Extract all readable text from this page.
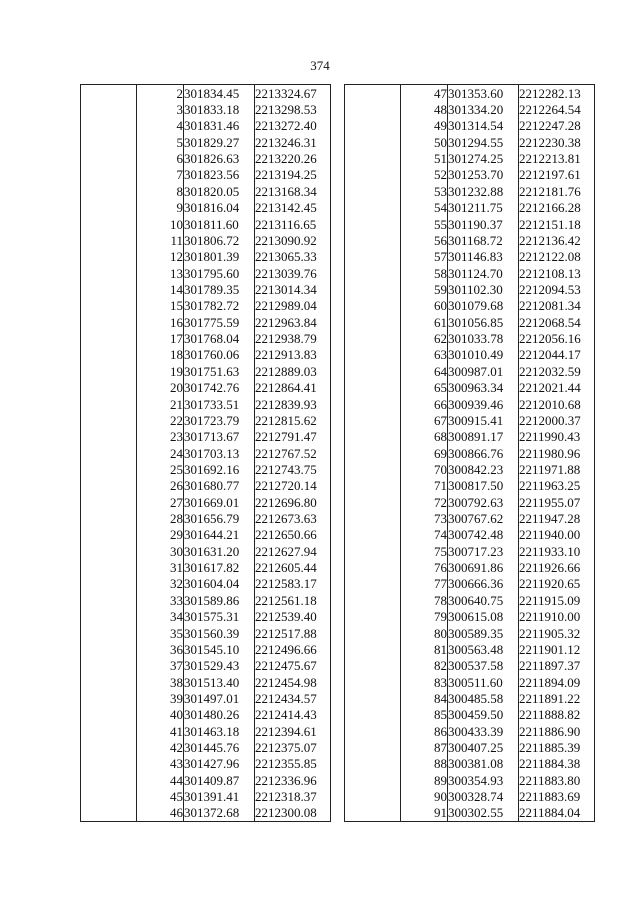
374
	2	301834.45	2213324.67
	3	301833.18	2213298.53
	4	301831.46	2213272.40
	5	301829.27	2213246.31
	6	301826.63	2213220.26
	7	301823.56	2213194.25
	8	301820.05	2213168.34
	9	301816.04	2213142.45
	10	301811.60	2213116.65
	11	301806.72	2213090.92
	12	301801.39	2213065.33
	13	301795.60	2213039.76
	14	301789.35	2213014.34
	15	301782.72	2212989.04
	16	301775.59	2212963.84
	17	301768.04	2212938.79
	18	301760.06	2212913.83
	19	301751.63	2212889.03
	20	301742.76	2212864.41
	21	301733.51	2212839.93
	22	301723.79	2212815.62
	23	301713.67	2212791.47
	24	301703.13	2212767.52
	25	301692.16	2212743.75
	26	301680.77	2212720.14
	27	301669.01	2212696.80
	28	301656.79	2212673.63
	29	301644.21	2212650.66
	30	301631.20	2212627.94
	31	301617.82	2212605.44
	32	301604.04	2212583.17
	33	301589.86	2212561.18
	34	301575.31	2212539.40
	35	301560.39	2212517.88
	36	301545.10	2212496.66
	37	301529.43	2212475.67
	38	301513.40	2212454.98
	39	301497.01	2212434.57
	40	301480.26	2212414.43
	41	301463.18	2212394.61
	42	301445.76	2212375.07
	43	301427.96	2212355.85
	44	301409.87	2212336.96
	45	301391.41	2212318.37
	46	301372.68	2212300.08
	47	301353.60	2212282.13
	48	301334.20	2212264.54
	49	301314.54	2212247.28
	50	301294.55	2212230.38
	51	301274.25	2212213.81
	52	301253.70	2212197.61
	53	301232.88	2212181.76
	54	301211.75	2212166.28
	55	301190.37	2212151.18
	56	301168.72	2212136.42
	57	301146.83	2212122.08
	58	301124.70	2212108.13
	59	301102.30	2212094.53
	60	301079.68	2212081.34
	61	301056.85	2212068.54
	62	301033.78	2212056.16
	63	301010.49	2212044.17
	64	300987.01	2212032.59
	65	300963.34	2212021.44
	66	300939.46	2212010.68
	67	300915.41	2212000.37
	68	300891.17	2211990.43
	69	300866.76	2211980.96
	70	300842.23	2211971.88
	71	300817.50	2211963.25
	72	300792.63	2211955.07
	73	300767.62	2211947.28
	74	300742.48	2211940.00
	75	300717.23	2211933.10
	76	300691.86	2211926.66
	77	300666.36	2211920.65
	78	300640.75	2211915.09
	79	300615.08	2211910.00
	80	300589.35	2211905.32
	81	300563.48	2211901.12
	82	300537.58	2211897.37
	83	300511.60	2211894.09
	84	300485.58	2211891.22
	85	300459.50	2211888.82
	86	300433.39	2211886.90
	87	300407.25	2211885.39
	88	300381.08	2211884.38
	89	300354.93	2211883.80
	90	300328.74	2211883.69
	91	300302.55	2211884.04
